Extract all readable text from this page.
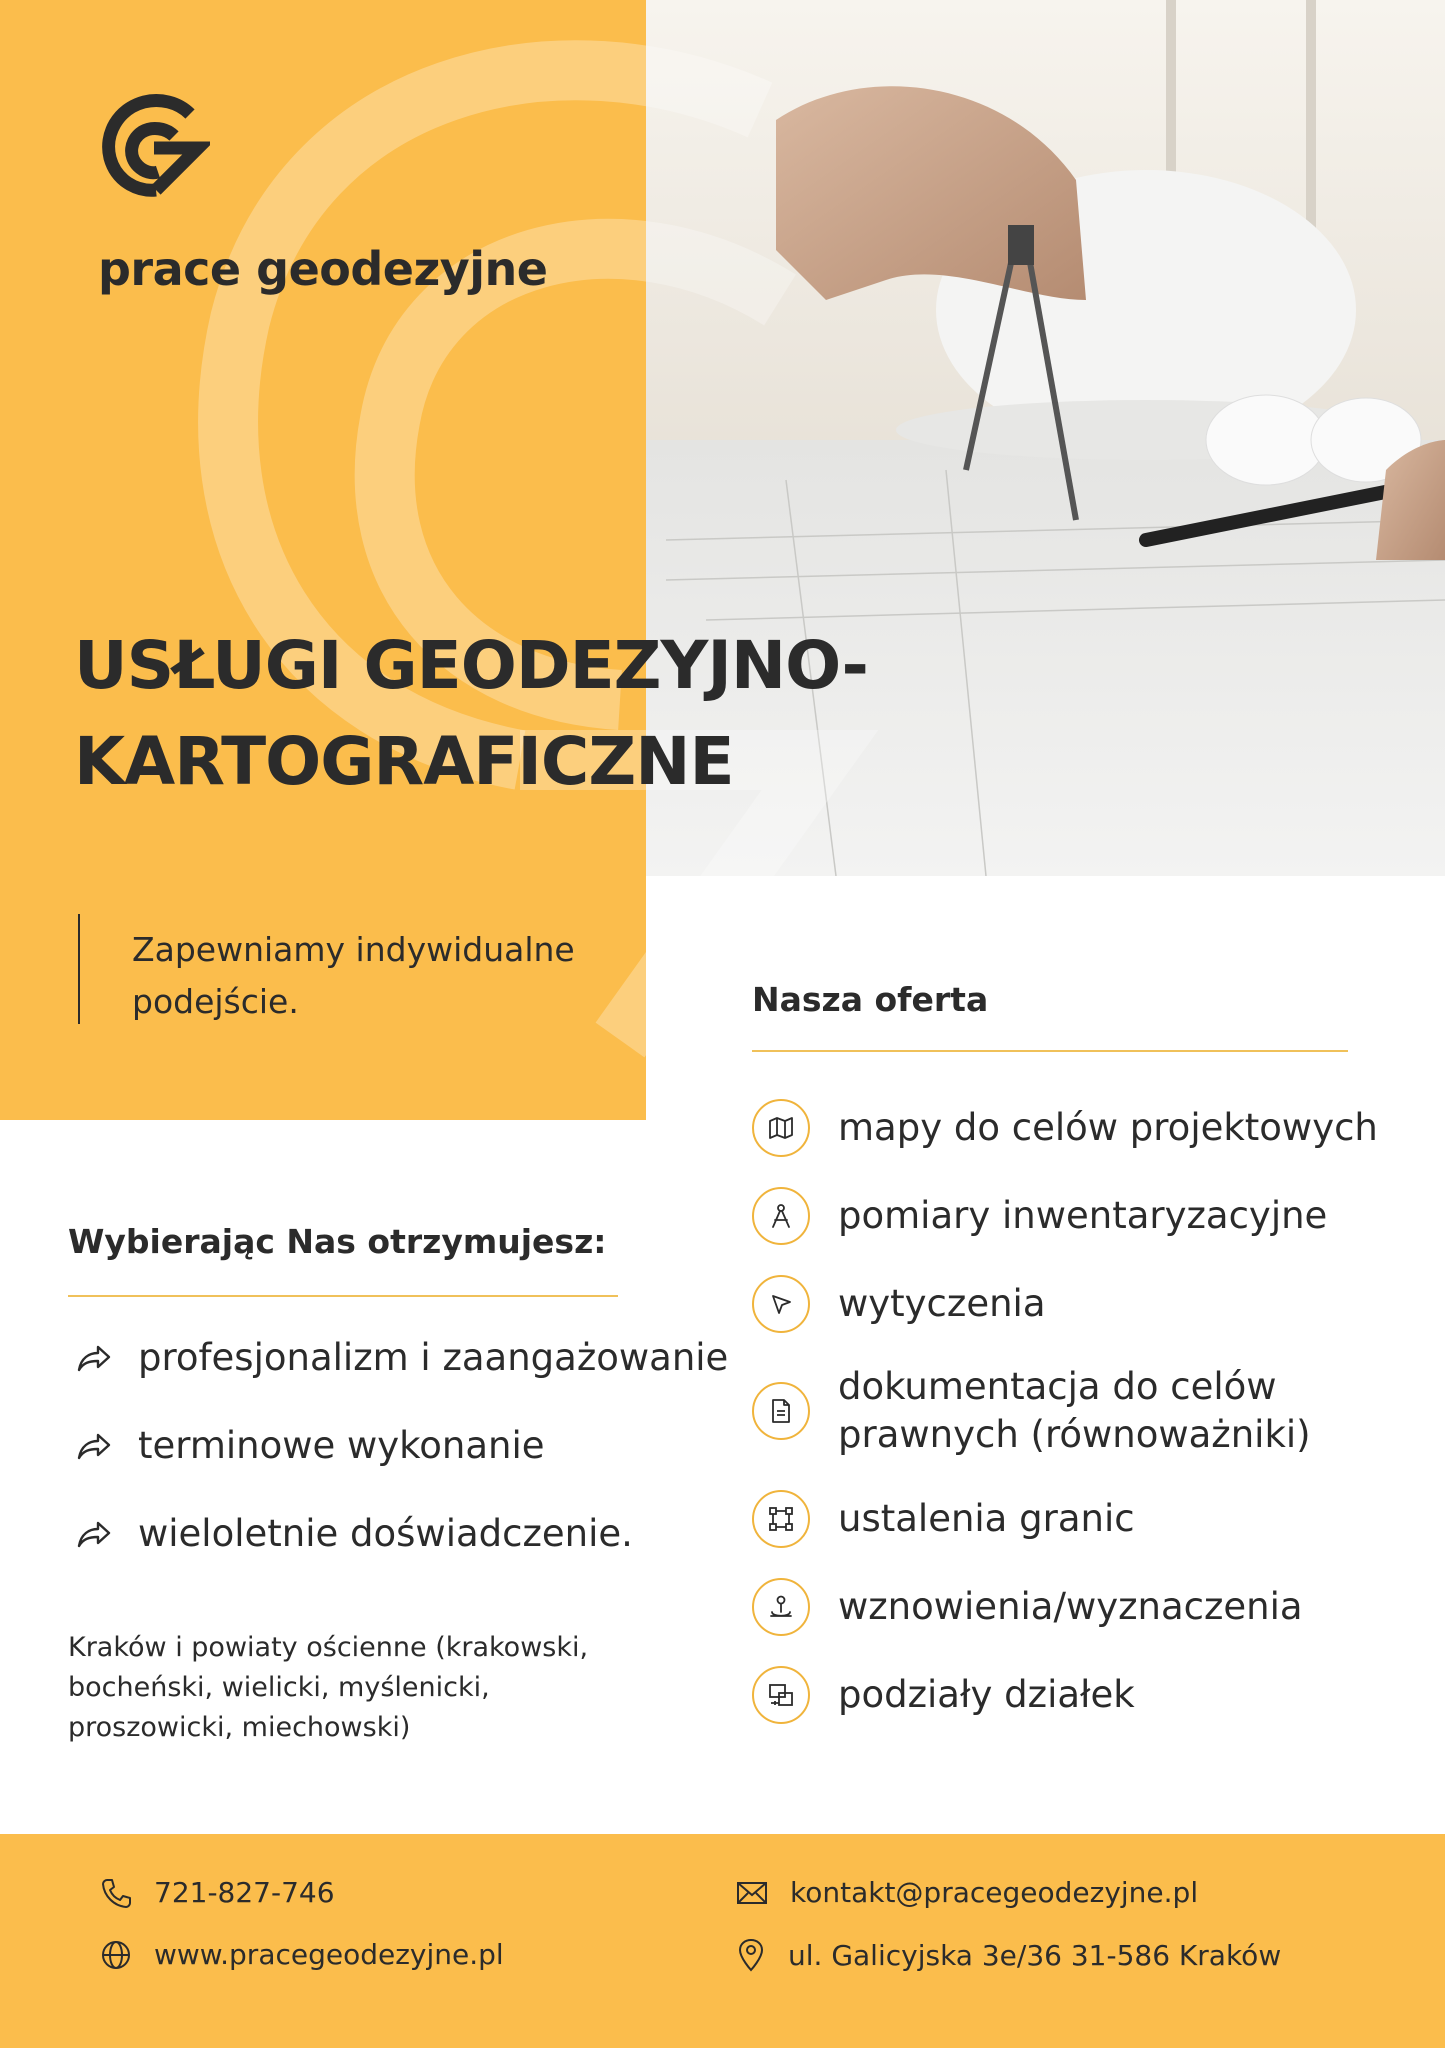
prace geodezyjne
USŁUGI GEODEZYJNO-
KARTOGRAFICZNE
Zapewniamy indywidualne
podejście.
Wybierając Nas otrzymujesz:
profesjonalizm i zaangażowanie
terminowe wykonanie
wieloletnie doświadczenie.
Kraków i powiaty ościenne (krakowski,
bocheński, wielicki, myślenicki,
proszowicki, miechowski)
Nasza oferta
mapy do celów projektowych
pomiary inwentaryzacyjne
wytyczenia
dokumentacja do celów
prawnych (równoważniki)
ustalenia granic
wznowienia/wyznaczenia
podziały działek
721-827-746
www.pracegeodezyjne.pl
kontakt@pracegeodezyjne.pl
ul. Galicyjska 3e/36 31-586 Kraków
